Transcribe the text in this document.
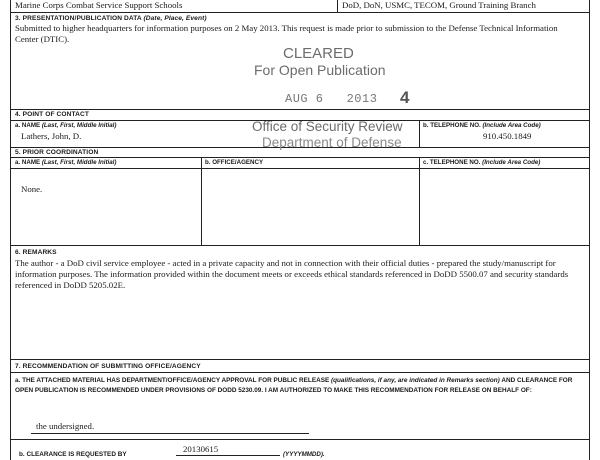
Marine Corps Combat Service Support Schools	DoD, DoN, USMC, TECOM, Ground Training Branch
3. PRESENTATION/PUBLICATION DATA (Date, Place, Event)
Submitted to higher headquarters for information purposes on 2 May 2013. This request is made prior to submission to the Defense Technical Information Center (DTIC).
4. POINT OF CONTACT
a. NAME (Last, First, Middle Initial)
Lathers, John, D.
b. TELEPHONE NO. (Include Area Code)
910.450.1849
5. PRIOR COORDINATION
a. NAME (Last, First, Middle Initial)	b. OFFICE/AGENCY	c. TELEPHONE NO. (Include Area Code)
None.
6. REMARKS
The author - a DoD civil service employee - acted in a private capacity and not in connection with their official duties - prepared the study/manuscript for information purposes. The information provided within the document meets or exceeds ethical standards referenced in DoDD 5500.07 and security standards referenced in DoDD 5205.02E.
7. RECOMMENDATION OF SUBMITTING OFFICE/AGENCY
a. THE ATTACHED MATERIAL HAS DEPARTMENT/OFFICE/AGENCY APPROVAL FOR PUBLIC RELEASE (qualifications, if any, are indicated in Remarks section) AND CLEARANCE FOR OPEN PUBLICATION IS RECOMMENDED UNDER PROVISIONS OF DODD 5230.09. I AM AUTHORIZED TO MAKE THIS RECOMMENDATION FOR RELEASE ON BEHALF OF:
the undersigned.
b. CLEARANCE IS REQUESTED BY
20130615
(YYYYMMDD).
CLEARED
For Open Publication
AUG 6   2013 4
Office of Security Review
Department of Defense
